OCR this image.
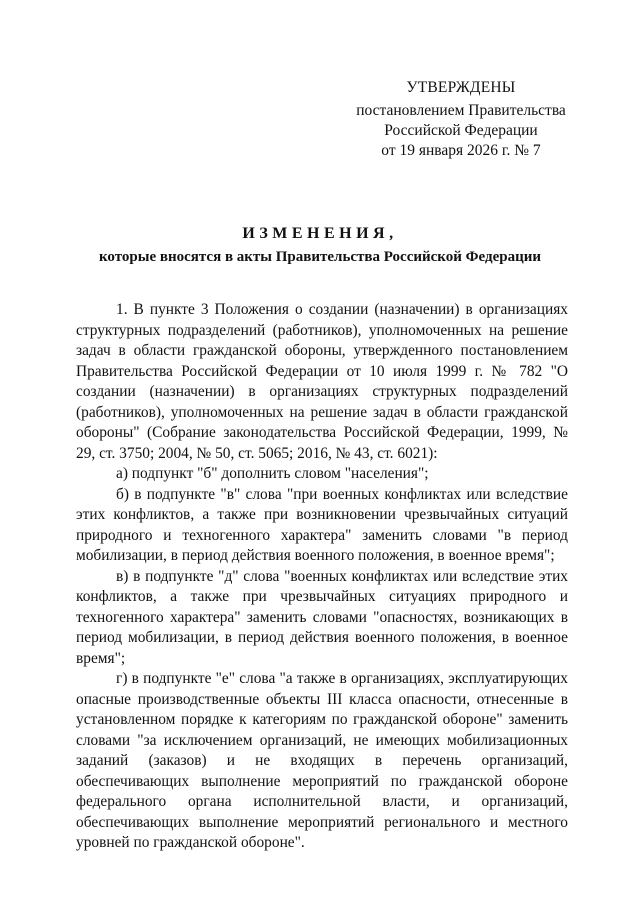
УТВЕРЖДЕНЫ
постановлением Правительства
Российской Федерации
от 19 января 2026 г. № 7
ИЗМЕНЕНИЯ,
которые вносятся в акты Правительства Российской Федерации

1. В пункте 3 Положения о создании (назначении) в организациях структурных подразделений (работников), уполномоченных на решение задач в области гражданской обороны, утвержденного постановлением Правительства Российской Федерации от 10 июля 1999 г. № 782 "О создании (назначении) в организациях структурных подразделений (работников), уполномоченных на решение задач в области гражданской обороны" (Собрание законодательства Российской Федерации, 1999, № 29, ст. 3750; 2004, № 50, ст. 5065; 2016, № 43, ст. 6021):

а) подпункт "б" дополнить словом "населения";

б) в подпункте "в" слова "при военных конфликтах или вследствие этих конфликтов, а также при возникновении чрезвычайных ситуаций природного и техногенного характера" заменить словами "в период мобилизации, в период действия военного положения, в военное время";

в) в подпункте "д" слова "военных конфликтах или вследствие этих конфликтов, а также при чрезвычайных ситуациях природного и техногенного характера" заменить словами "опасностях, возникающих в период мобилизации, в период действия военного положения, в военное время";

г) в подпункте "е" слова "а также в организациях, эксплуатирующих опасные производственные объекты III класса опасности, отнесенные в установленном порядке к категориям по гражданской обороне" заменить словами "за исключением организаций, не имеющих мобилизационных заданий (заказов) и не входящих в перечень организаций, обеспечивающих выполнение мероприятий по гражданской обороне федерального органа исполнительной власти, и организаций, обеспечивающих выполнение мероприятий регионального и местного уровней по гражданской обороне".
